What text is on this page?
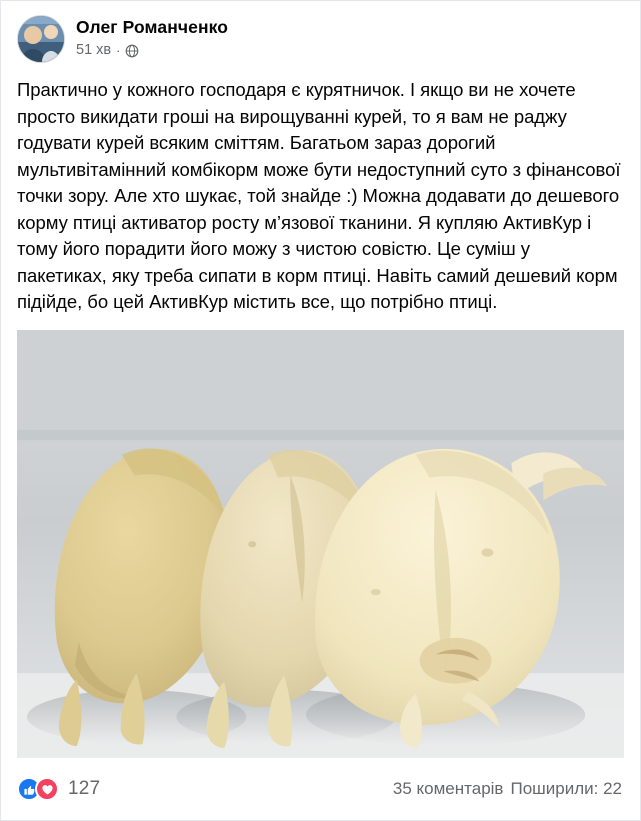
Олег Романченко
51 хв ·
Практично у кожного господаря є курятничок. І якщо ви не хочете просто викидати гроші на вирощуванні курей, то я вам не раджу годувати курей всяким сміттям. Багатьом зараз дорогий мультивітамінний комбікорм може бути недоступний суто з фінансової точки зору. Але хто шукає, той знайде :) Можна додавати до дешевого корму птиці активатор росту м’язової тканини. Я купляю АктивКур і тому його порадити його можу з чистою совістю. Це суміш у пакетиках, яку треба сипати в корм птиці. Навіть самий дешевий корм підійде, бо цей АктивКур містить все, що потрібно птиці.
127	35 коментарів Поширили: 22
